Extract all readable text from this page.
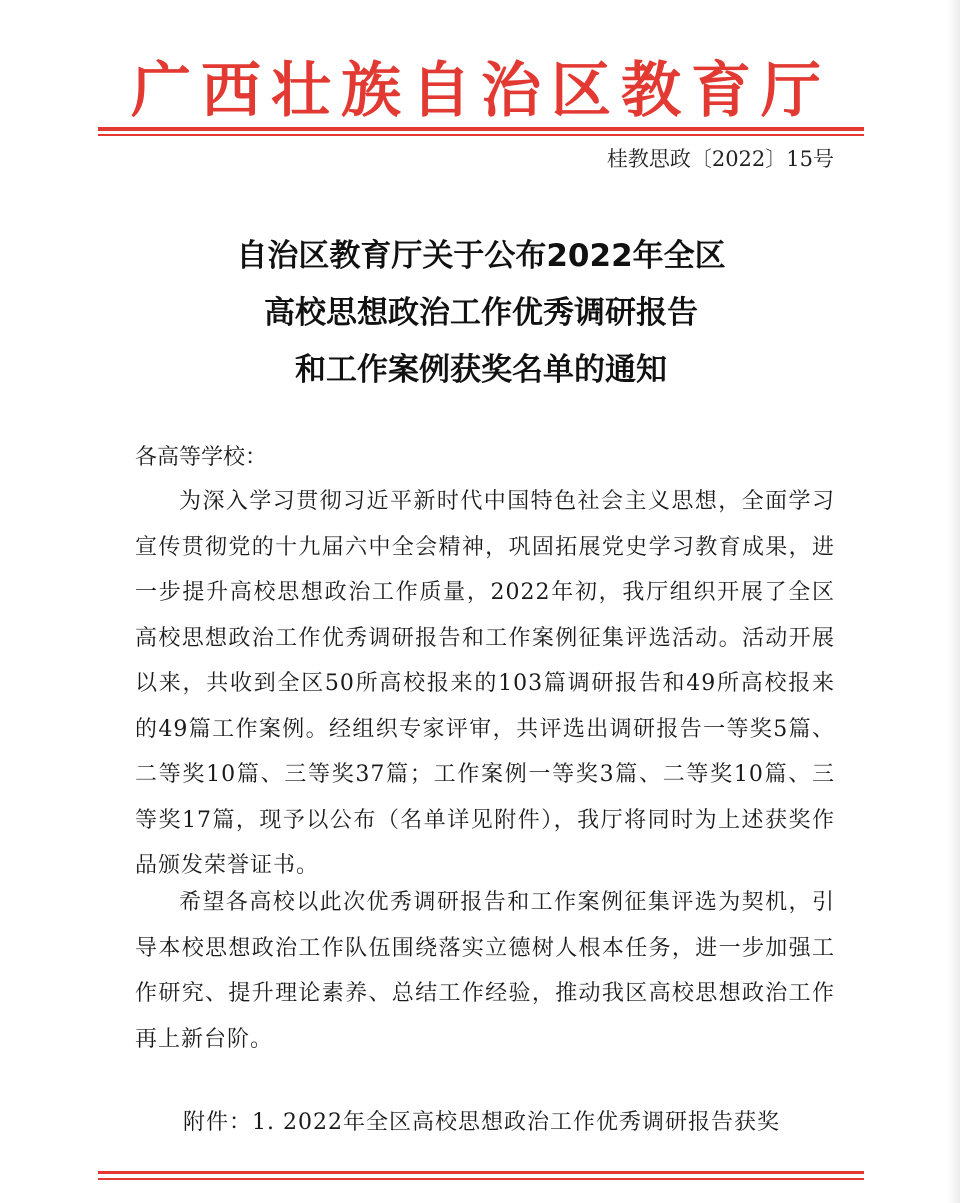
广西壮族自治区教育厅
桂教思政〔2022〕15号
自治区教育厅关于公布2022年全区
高校思想政治工作优秀调研报告
和工作案例获奖名单的通知
各高等学校：
为深入学习贯彻习近平新时代中国特色社会主义思想，全面学习宣传贯彻党的十九届六中全会精神，巩固拓展党史学习教育成果，进一步提升高校思想政治工作质量，2022年初，我厅组织开展了全区高校思想政治工作优秀调研报告和工作案例征集评选活动。活动开展以来，共收到全区50所高校报来的103篇调研报告和49所高校报来的49篇工作案例。经组织专家评审，共评选出调研报告一等奖5篇、二等奖10篇、三等奖37篇；工作案例一等奖3篇、二等奖10篇、三等奖17篇，现予以公布（名单详见附件），我厅将同时为上述获奖作品颁发荣誉证书。
希望各高校以此次优秀调研报告和工作案例征集评选为契机，引导本校思想政治工作队伍围绕落实立德树人根本任务，进一步加强工作研究、提升理论素养、总结工作经验，推动我区高校思想政治工作再上新台阶。
附件：1. 2022年全区高校思想政治工作优秀调研报告获奖
